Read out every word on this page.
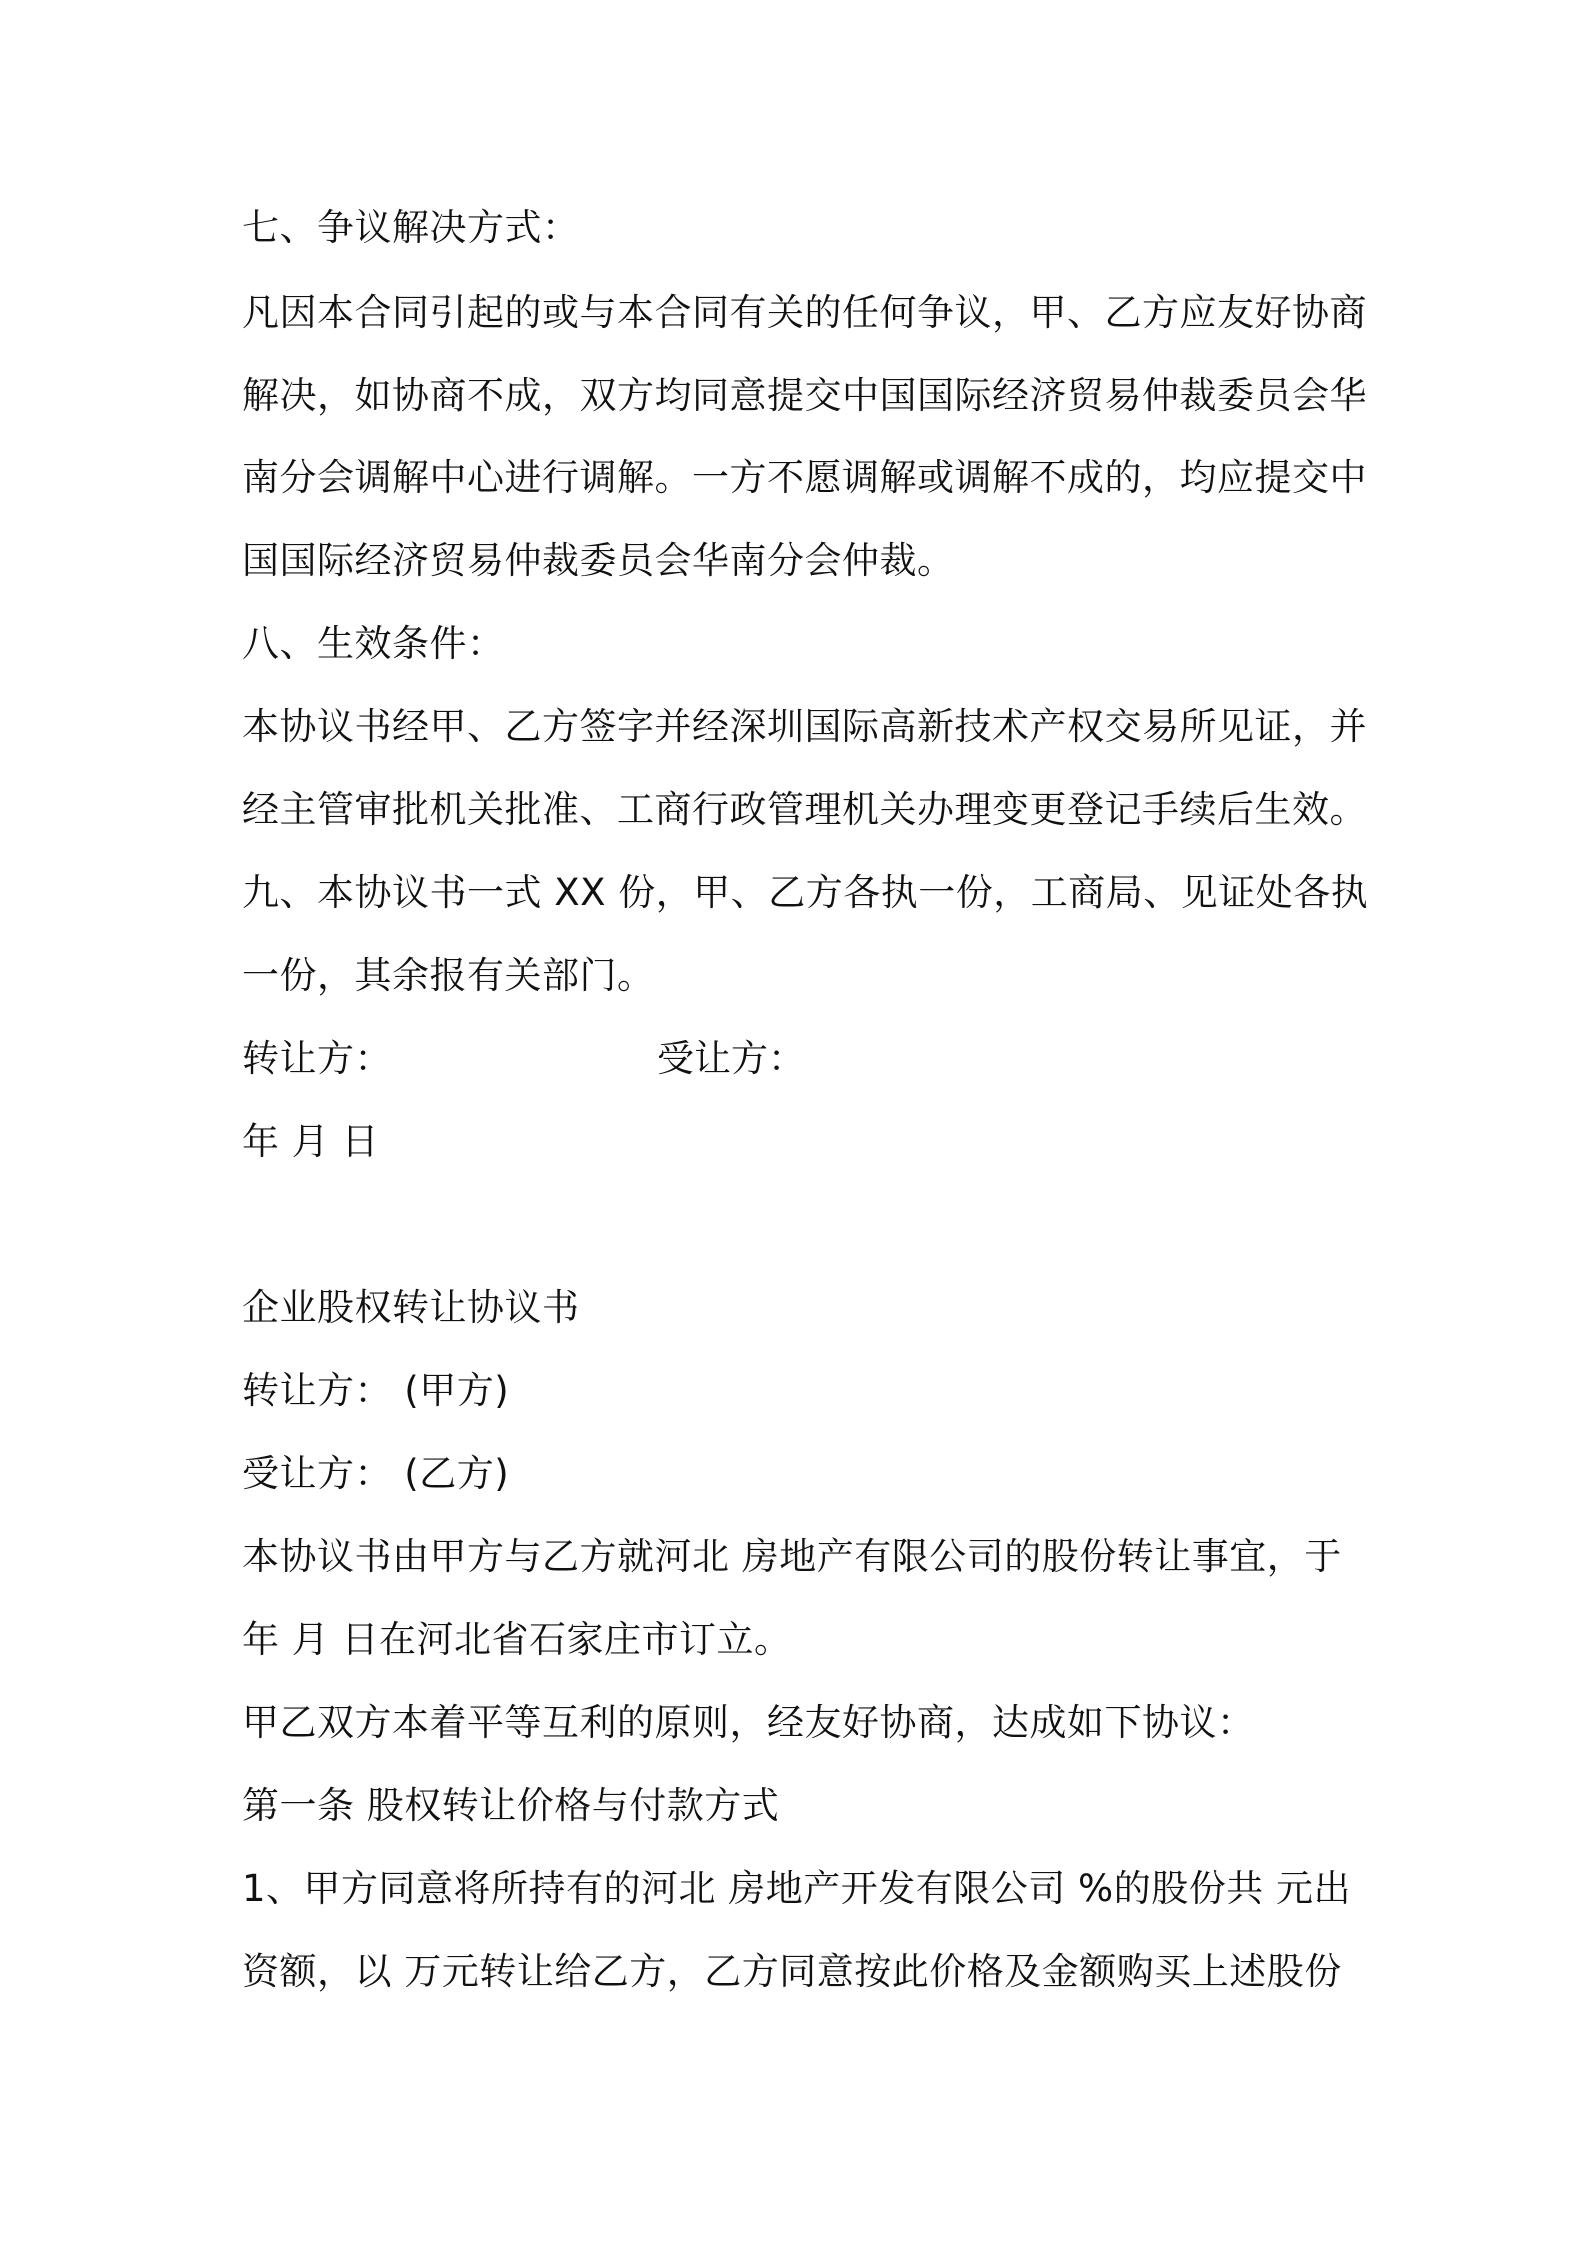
七、争议解决方式：
凡因本合同引起的或与本合同有关的任何争议，甲、乙方应友好协商
解决，如协商不成，双方均同意提交中国国际经济贸易仲裁委员会华
南分会调解中心进行调解。一方不愿调解或调解不成的，均应提交中
国国际经济贸易仲裁委员会华南分会仲裁。
八、生效条件：
本协议书经甲、乙方签字并经深圳国际高新技术产权交易所见证，并
经主管审批机关批准、工商行政管理机关办理变更登记手续后生效。
九、本协议书一式 XX 份，甲、乙方各执一份，工商局、见证处各执
一份，其余报有关部门。
转让方：	受让方：
年 月 日
企业股权转让协议书
转让方： (甲方)
受让方： (乙方)
本协议书由甲方与乙方就河北 房地产有限公司的股份转让事宜，于
年 月 日在河北省石家庄市订立。
甲乙双方本着平等互利的原则，经友好协商，达成如下协议：
第一条 股权转让价格与付款方式
1、甲方同意将所持有的河北 房地产开发有限公司 %的股份共 元出
资额，以 万元转让给乙方，乙方同意按此价格及金额购买上述股份
